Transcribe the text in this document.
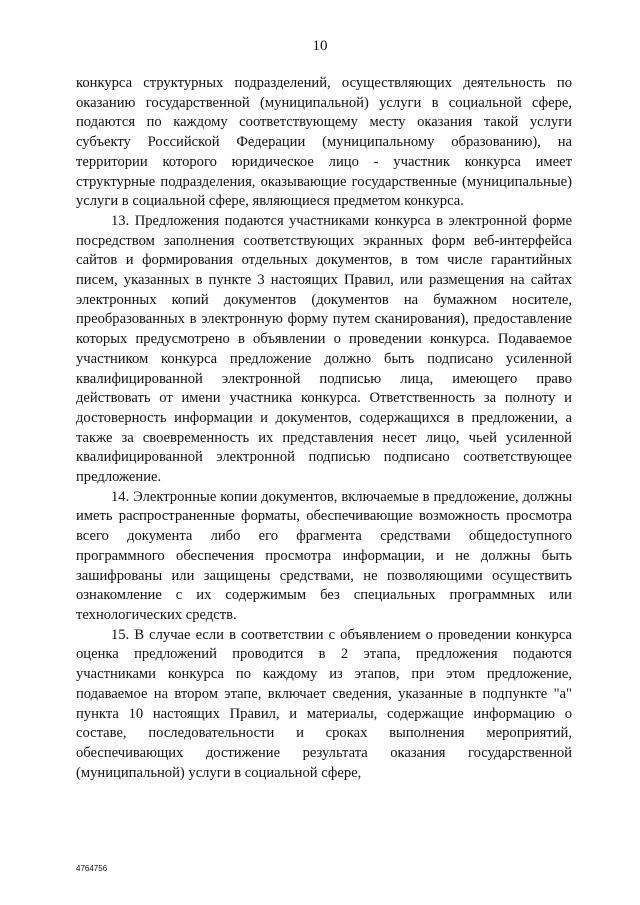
10

конкурса структурных подразделений, осуществляющих деятельность по оказанию государственной (муниципальной) услуги в социальной сфере, подаются по каждому соответствующему месту оказания такой услуги субъекту Российской Федерации (муниципальному образованию), на территории которого юридическое лицо - участник конкурса имеет структурные подразделения, оказывающие государственные (муниципальные) услуги в социальной сфере, являющиеся предметом конкурса.

13. Предложения подаются участниками конкурса в электронной форме посредством заполнения соответствующих экранных форм веб-интерфейса сайтов и формирования отдельных документов, в том числе гарантийных писем, указанных в пункте 3 настоящих Правил, или размещения на сайтах электронных копий документов (документов на бумажном носителе, преобразованных в электронную форму путем сканирования), предоставление которых предусмотрено в объявлении о проведении конкурса. Подаваемое участником конкурса предложение должно быть подписано усиленной квалифицированной электронной подписью лица, имеющего право действовать от имени участника конкурса. Ответственность за полноту и достоверность информации и документов, содержащихся в предложении, а также за своевременность их представления несет лицо, чьей усиленной квалифицированной электронной подписью подписано соответствующее предложение.

14. Электронные копии документов, включаемые в предложение, должны иметь распространенные форматы, обеспечивающие возможность просмотра всего документа либо его фрагмента средствами общедоступного программного обеспечения просмотра информации, и не должны быть зашифрованы или защищены средствами, не позволяющими осуществить ознакомление с их содержимым без специальных программных или технологических средств.

15. В случае если в соответствии с объявлением о проведении конкурса оценка предложений проводится в 2 этапа, предложения подаются участниками конкурса по каждому из этапов, при этом предложение, подаваемое на втором этапе, включает сведения, указанные в подпункте "а" пункта 10 настоящих Правил, и материалы, содержащие информацию о составе, последовательности и сроках выполнения мероприятий, обеспечивающих достижение результата оказания государственной (муниципальной) услуги в социальной сфере,

4764756
